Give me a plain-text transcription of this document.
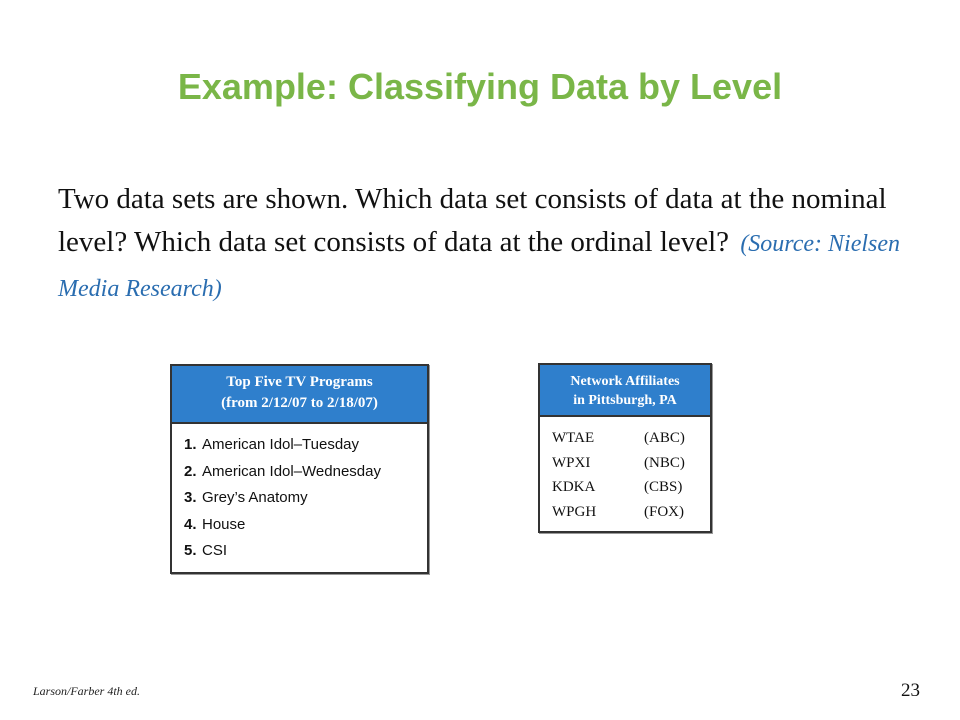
Example: Classifying Data by Level
Two data sets are shown. Which data set consists of data at the nominal level? Which data set consists of data at the ordinal level? (Source: Nielsen Media Research)
Top Five TV Programs
(from 2/12/07 to 2/18/07)
1. American Idol–Tuesday
2. American Idol–Wednesday
3. Grey’s Anatomy
4. House
5. CSI
Network Affiliates
in Pittsburgh, PA
WTAE	(ABC)
WPXI	(NBC)
KDKA	(CBS)
WPGH	(FOX)
Larson/Farber 4th ed.	23
